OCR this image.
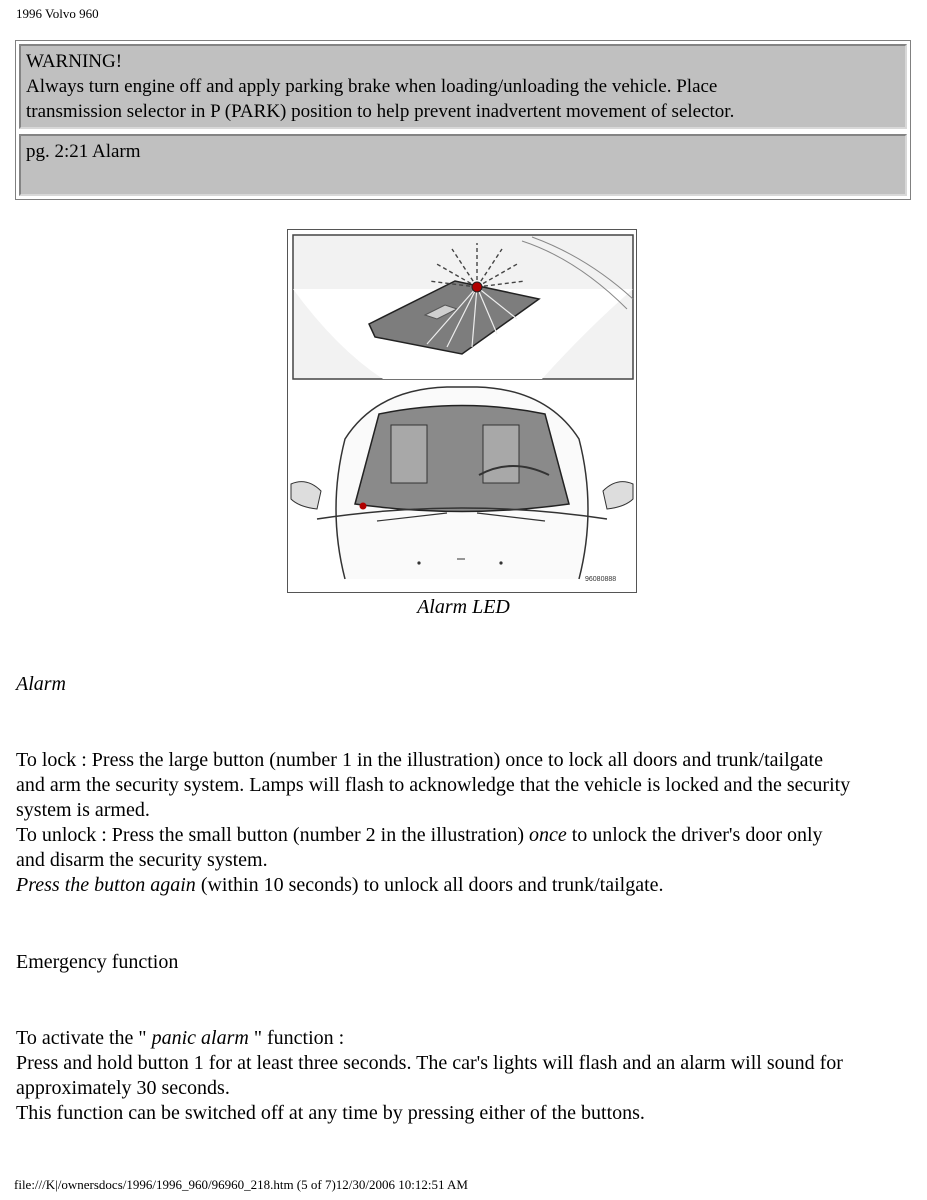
1996 Volvo 960
WARNING!
Always turn engine off and apply parking brake when loading/unloading the vehicle. Place
transmission selector in P (PARK) position to help prevent inadvertent movement of selector.
pg. 2:21 Alarm
96080888
Alarm LED
Alarm
To lock : Press the large button (number 1 in the illustration) once to lock all doors and trunk/tailgate
and arm the security system. Lamps will flash to acknowledge that the vehicle is locked and the security
system is armed.
To unlock : Press the small button (number 2 in the illustration) once to unlock the driver's door only
and disarm the security system.
Press the button again (within 10 seconds) to unlock all doors and trunk/tailgate.
Emergency function
To activate the " panic alarm " function :
Press and hold button 1 for at least three seconds. The car's lights will flash and an alarm will sound for
approximately 30 seconds.
This function can be switched off at any time by pressing either of the buttons.
file:///K|/ownersdocs/1996/1996_960/96960_218.htm (5 of 7)12/30/2006 10:12:51 AM
